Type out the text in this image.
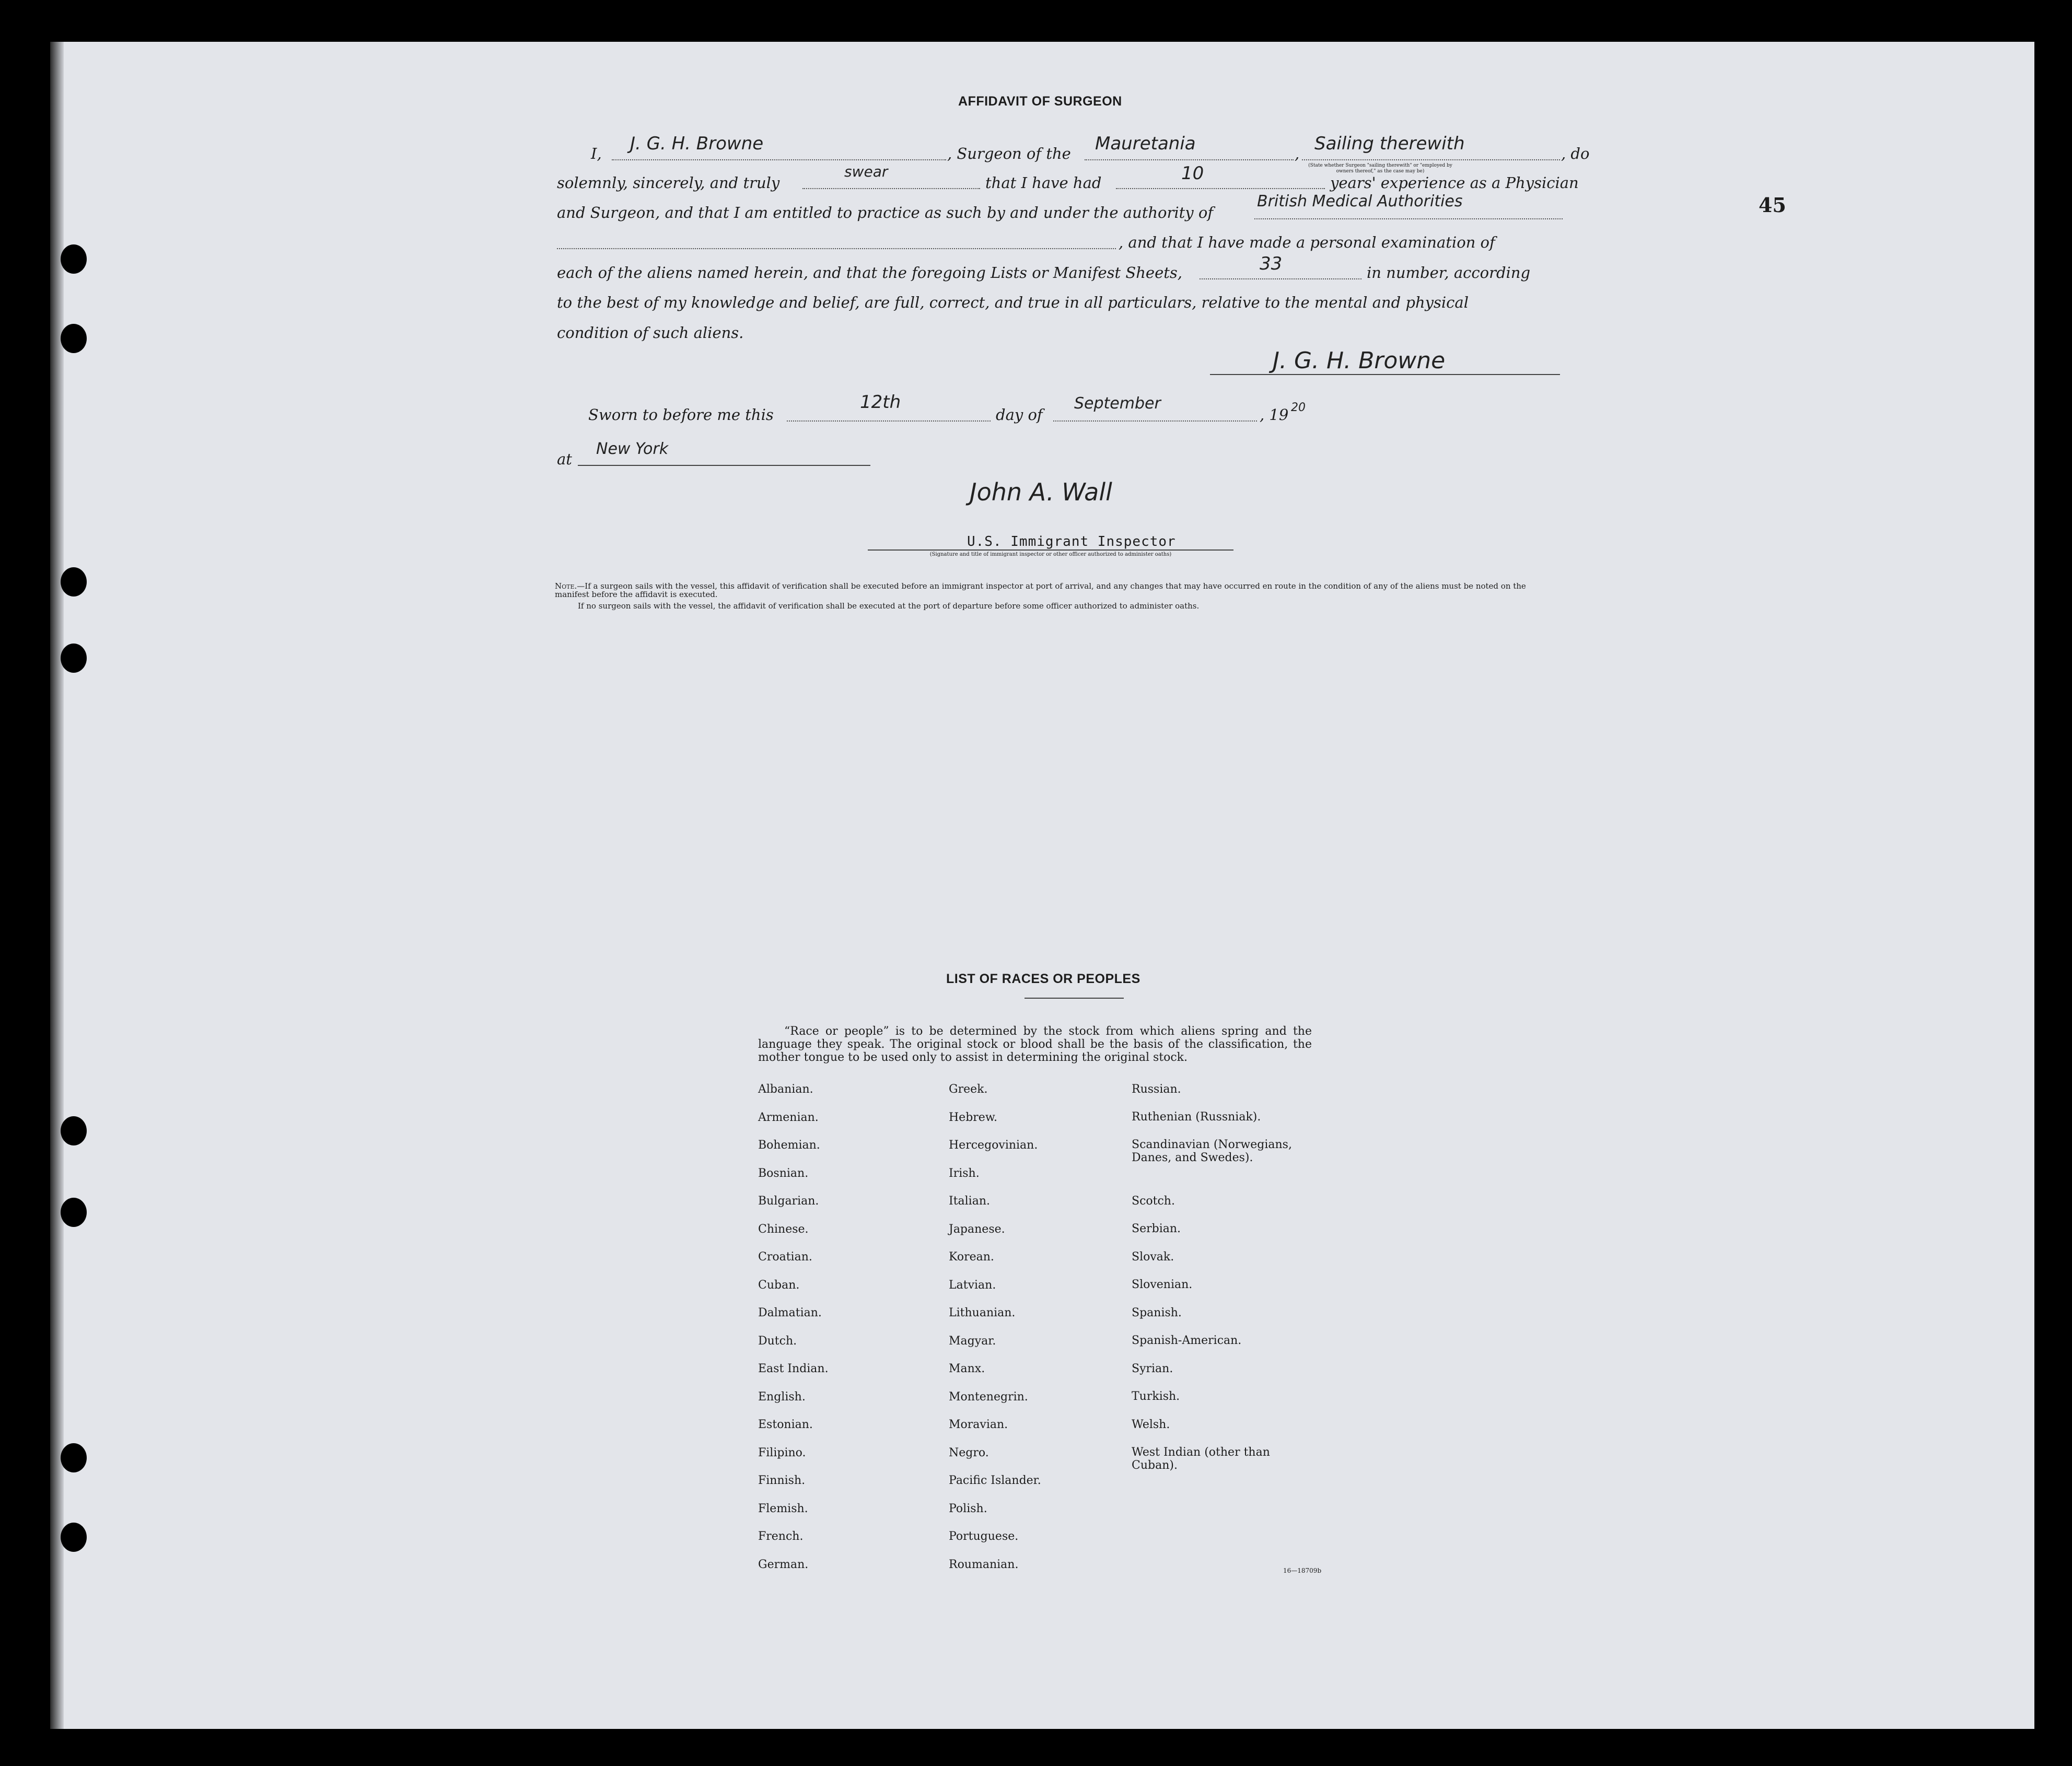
45
AFFIDAVIT OF SURGEON
I, J. G. H. Browne	, Surgeon of the Mauretania	, Sailing therewith	, do
(State whether Surgeon "sailing therewith" or "employed by owners thereof," as the case may be)
solemnly, sincerely, and truly
swear
that I have had	10	years' experience as a Physician
and Surgeon, and that I am entitled to practice as such by and under the authority of
British Medical Authorities
, and that I have made a personal examination of
each of the aliens named herein, and that the foregoing Lists or Manifest Sheets,	33	in number, according
to the best of my knowledge and belief, are full, correct, and true in all particulars, relative to the mental and physical
condition of such aliens.
J. G. H. Browne
Sworn to before me this
12th
day of
September
, 19 20
at
New York
John A. Wall
U.S. Immigrant Inspector
(Signature and title of immigrant inspector or other officer authorized to administer oaths)
Note.—If a surgeon sails with the vessel, this affidavit of verification shall be executed before an immigrant inspector at port of arrival, and any changes that may have occurred en route in the condition of any of the aliens must be noted on the manifest before the affidavit is executed.
If no surgeon sails with the vessel, the affidavit of verification shall be executed at the port of departure before some officer authorized to administer oaths.
LIST OF RACES OR PEOPLES
“Race or people” is to be determined by the stock from which aliens spring and the language they speak. The original stock or blood shall be the basis of the classification, the mother tongue to be used only to assist in determining the original stock.
16—18709b
Albanian.
Armenian.
Bohemian.
Bosnian.
Bulgarian.
Chinese.
Croatian.
Cuban.
Dalmatian.
Dutch.
East Indian.
English.
Estonian.
Filipino.
Finnish.
Flemish.
French.
German.
Greek.
Hebrew.
Hercegovinian.
Irish.
Italian.
Japanese.
Korean.
Latvian.
Lithuanian.
Magyar.
Manx.
Montenegrin.
Moravian.
Negro.
Pacific Islander.
Polish.
Portuguese.
Roumanian.
Russian.
Ruthenian (Russniak).
Scandinavian (Norwegians, Danes, and Swedes).
Scotch.
Serbian.
Slovak.
Slovenian.
Spanish.
Spanish-American.
Syrian.
Turkish.
Welsh.
West Indian (other than Cuban).
